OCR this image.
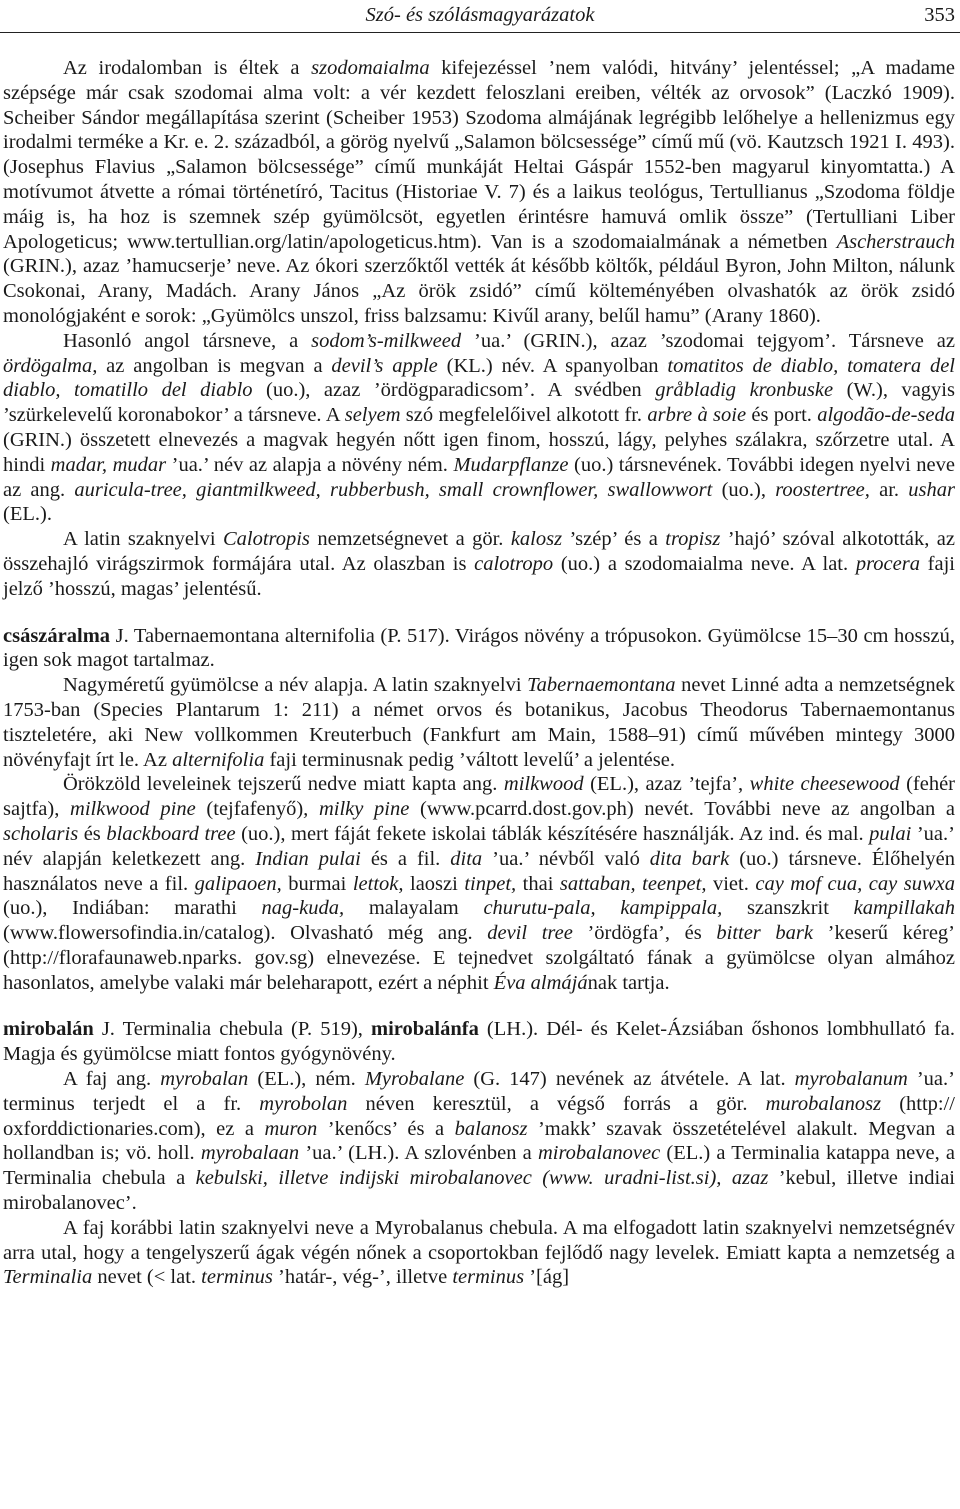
Szó- és szólásmagyarázatok	353

Az irodalomban is éltek a szodomaialma kifejezéssel ’nem valódi, hitvány’ jelentéssel; „A madame szépsége már csak szodomai alma volt: a vér kezdett feloszlani ereiben, vélték az orvosok” (Laczkó 1909). Scheiber Sándor megállapítása szerint (Scheiber 1953) Szodoma almájának legrégibb lelőhelye a hellenizmus egy irodalmi terméke a Kr. e. 2. századból, a görög nyelvű „Salamon bölcsessége” című mű (vö. Kautzsch 1921 I. 493). (Josephus Flavius „Salamon bölcsessége” című munkáját Heltai Gáspár 1552-ben magyarul kinyomtatta.) A motívumot átvette a római történetíró, Tacitus (Historiae V. 7) és a laikus teológus, Tertullianus „Szodoma földje máig is, ha hoz is szemnek szép gyümölcsöt, egyetlen érintésre hamuvá omlik össze” (Tertulliani Liber Apologeticus; www.tertullian.org/latin/apologeticus.htm). Van is a szodomaialmának a németben Ascherstrauch (GRIN.), azaz ’hamucserje’ neve. Az ókori szerzőktől vették át később költők, például Byron, John Milton, nálunk Csokonai, Arany, Madách. Arany János „Az örök zsidó” című költeményében olvashatók az örök zsidó monológjaként e sorok: „Gyümölcs unszol, friss balzsamu: Kivűl arany, belűl hamu” (Arany 1860).

Hasonló angol társneve, a sodom’s-milkweed ’ua.’ (GRIN.), azaz ’szodomai tejgyom’. Társneve az ördögalma, az angolban is megvan a devil’s apple (KL.) név. A spanyolban tomatitos de diablo, tomatera del diablo, tomatillo del diablo (uo.), azaz ’ördögparadicsom’. A svédben gråbladig kronbuske (W.), vagyis ’szürkelevelű koronabokor’ a társneve. A selyem szó megfelelőivel alkotott fr. arbre à soie és port. algodão-de-seda (GRIN.) összetett elnevezés a magvak hegyén nőtt igen finom, hosszú, lágy, pelyhes szálakra, szőrzetre utal. A hindi madar, mudar ’ua.’ név az alapja a növény ném. Mudarpflanze (uo.) társnevének. További idegen nyelvi neve az ang. auricula-tree, giantmilkweed, rubberbush, small crownflower, swallowwort (uo.), roostertree, ar. ushar (EL.).

A latin szaknyelvi Calotropis nemzetségnevet a gör. kalosz ’szép’ és a tropisz ’hajó’ szóval alkotották, az összehajló virágszirmok formájára utal. Az olaszban is calotropo (uo.) a szodomaialma neve. A lat. procera faji jelző ’hosszú, magas’ jelentésű.

császáralma J. Tabernaemontana alternifolia (P. 517). Virágos növény a trópusokon. Gyümölcse 15–30 cm hosszú, igen sok magot tartalmaz.

Nagyméretű gyümölcse a név alapja. A latin szaknyelvi Tabernaemontana nevet Linné adta a nemzetségnek 1753-ban (Species Plantarum 1: 211) a német orvos és botanikus, Jacobus Theodorus Tabernaemontanus tiszteletére, aki New vollkommen Kreuterbuch (Fankfurt am Main, 1588–91) című művében mintegy 3000 növényfajt írt le. Az alternifolia faji terminusnak pedig ’váltott levelű’ a jelentése.

Örökzöld leveleinek tejszerű nedve miatt kapta ang. milkwood (EL.), azaz ’tejfa’, white cheesewood (fehér sajtfa), milkwood pine (tejfafenyő), milky pine (www.pcarrd.dost.gov.ph) nevét. További neve az angolban a scholaris és blackboard tree (uo.), mert fáját fekete iskolai táblák készítésére használják. Az ind. és mal. pulai ’ua.’ név alapján keletkezett ang. Indian pulai és a fil. dita ’ua.’ névből való dita bark (uo.) társneve. Élőhelyén használatos neve a fil. galipaoen, burmai lettok, laoszi tinpet, thai sattaban, teenpet, viet. cay mof cua, cay suwxa (uo.), Indiában: marathi nag-kuda, malayalam churutu-pala, kampippala, szanszkrit kampillakah (www.flowersofindia.in/catalog). Olvasható még ang. devil tree ’ördögfa’, és bitter bark ’keserű kéreg’ (http://florafaunaweb.nparks. gov.sg) elnevezése. E tejnedvet szolgáltató fának a gyümölcse olyan almához hasonlatos, amelybe valaki már beleharapott, ezért a néphit Éva almájának tartja.

mirobalán J. Terminalia chebula (P. 519), mirobalánfa (LH.). Dél- és Kelet-Ázsiában őshonos lombhullató fa. Magja és gyümölcse miatt fontos gyógynövény.

A faj ang. myrobalan (EL.), ném. Myrobalane (G. 147) nevének az átvétele. A lat. myrobalanum ’ua.’ terminus terjedt el a fr. myrobolan néven keresztül, a végső forrás a gör. murobalanosz (http:// oxforddictionaries.com), ez a muron ’kenőcs’ és a balanosz ’makk’ szavak összetételével alakult. Megvan a hollandban is; vö. holl. myrobalaan ’ua.’ (LH.). A szlovénben a mirobalanovec (EL.) a Terminalia katappa neve, a Terminalia chebula a kebulski, illetve indijski mirobalanovec (www. uradni-list.si), azaz ’kebul, illetve indiai mirobalanovec’.

A faj korábbi latin szaknyelvi neve a Myrobalanus chebula. A ma elfogadott latin szaknyelvi nemzetségnév arra utal, hogy a tengelyszerű ágak végén nőnek a csoportokban fejlődő nagy levelek. Emiatt kapta a nemzetség a Terminalia nevet (< lat. terminus ’határ-, vég-’, illetve terminus ’[ág]
